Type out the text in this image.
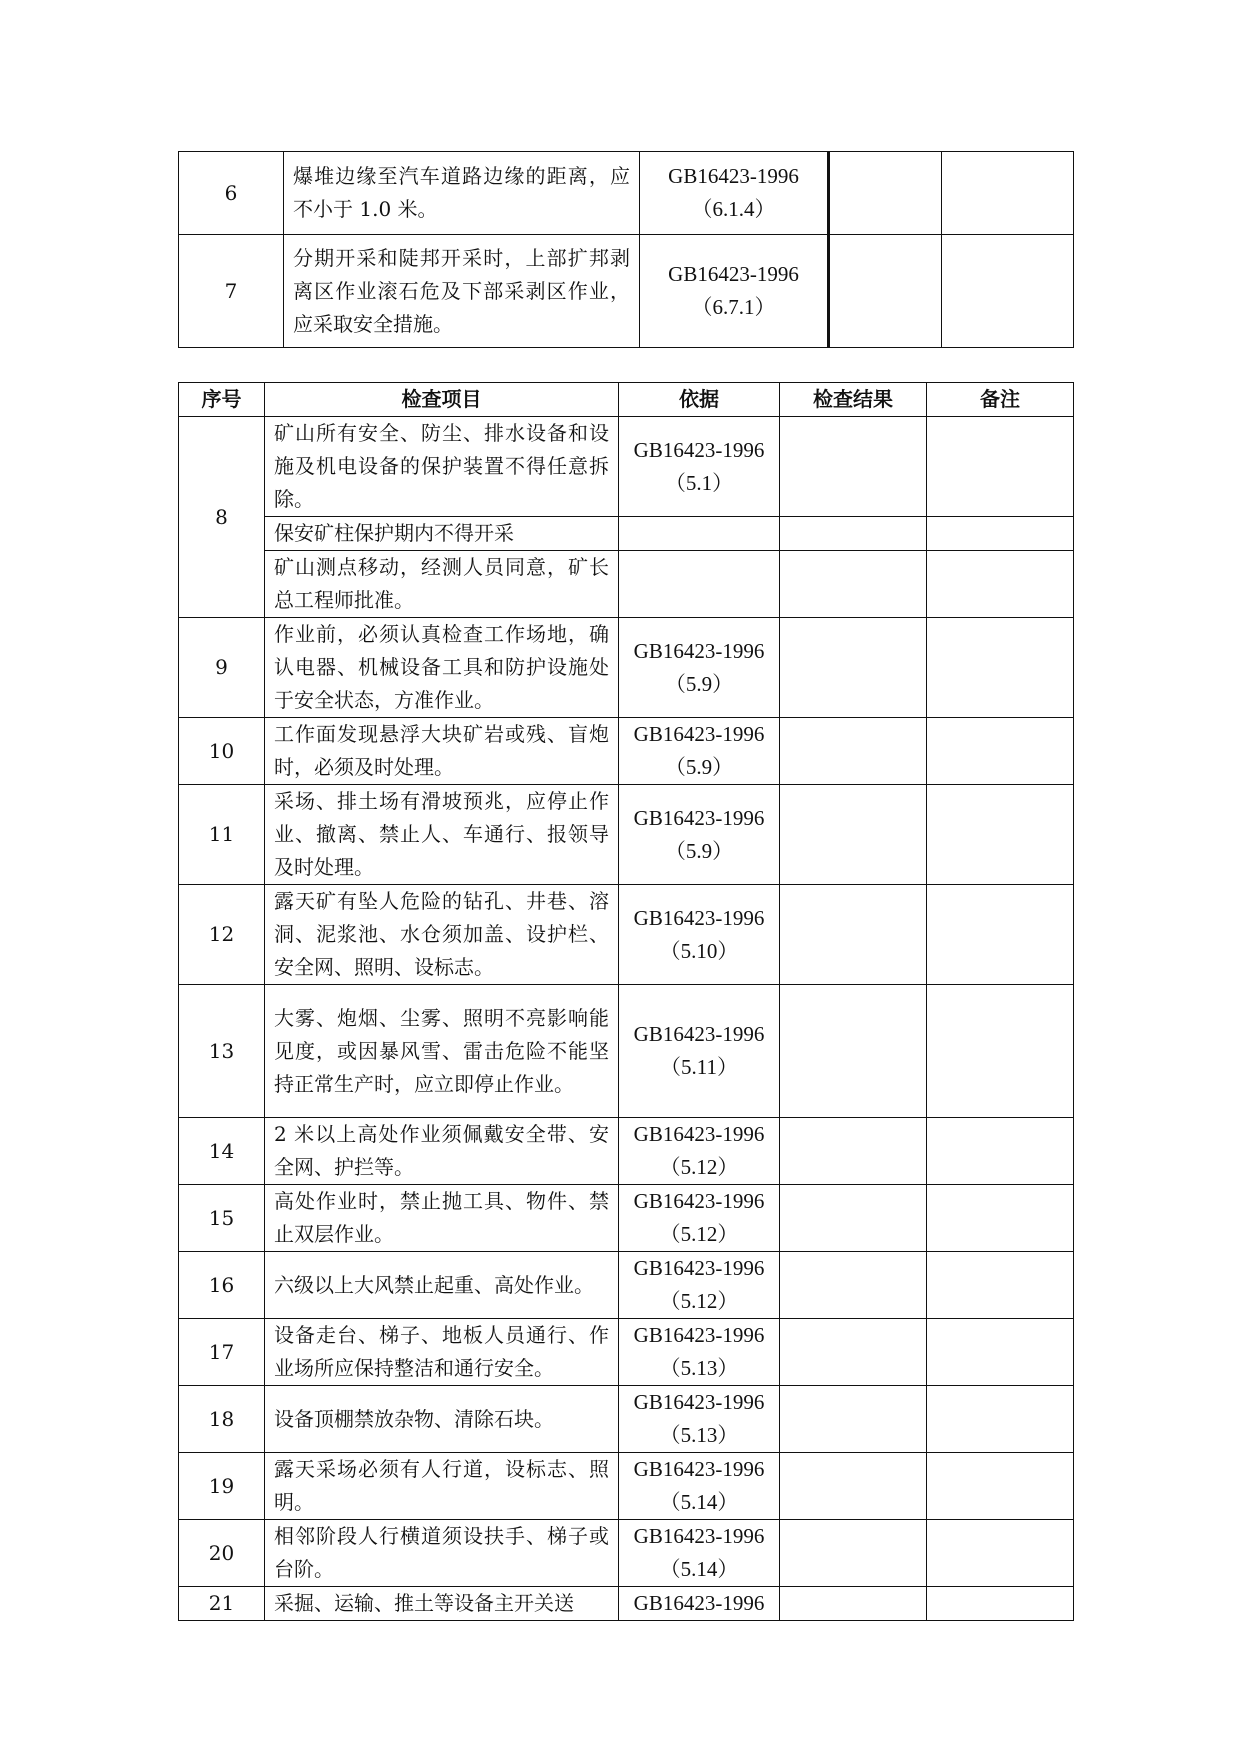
6	爆堆边缘至汽车道路边缘的距离，应不小于 1.0 米。	GB16423-1996
（6.1.4）		

7	分期开采和陡邦开采时，上部扩邦剥离区作业滚石危及下部采剥区作业，应采取安全措施。	GB16423-1996
（6.7.1）		

序号	检查项目	依据	检查结果	备注
8	矿山所有安全、防尘、排水设备和设施及机电设备的保护装置不得任意拆除。	GB16423-1996
（5.1）		

	保安矿柱保护期内不得开采			
	矿山测点移动，经测人员同意，矿长总工程师批准。			
9	作业前，必须认真检查工作场地，确认电器、机械设备工具和防护设施处于安全状态，方准作业。	GB16423-1996
（5.9）		

10	工作面发现悬浮大块矿岩或残、盲炮时，必须及时处理。	GB16423-1996
（5.9）		

11	采场、排土场有滑坡预兆，应停止作业、撤离、禁止人、车通行、报领导及时处理。	GB16423-1996
（5.9）		

12	露天矿有坠人危险的钻孔、井巷、溶洞、泥浆池、水仓须加盖、设护栏、安全网、照明、设标志。	GB16423-1996
（5.10）		

13	大雾、炮烟、尘雾、照明不亮影响能见度，或因暴风雪、雷击危险不能坚持正常生产时，应立即停止作业。	GB16423-1996
（5.11）		

14	2 米以上高处作业须佩戴安全带、安全网、护拦等。	GB16423-1996
（5.12）		

15	高处作业时，禁止抛工具、物件、禁止双层作业。	GB16423-1996
（5.12）		

16	六级以上大风禁止起重、高处作业。	GB16423-1996
（5.12）		

17	设备走台、梯子、地板人员通行、作业场所应保持整洁和通行安全。	GB16423-1996
（5.13）		

18	设备顶棚禁放杂物、清除石块。	GB16423-1996
（5.13）		

19	露天采场必须有人行道，设标志、照明。	GB16423-1996
（5.14）		

20	相邻阶段人行横道须设扶手、梯子或台阶。	GB16423-1996
（5.14）		

21	采掘、运输、推土等设备主开关送	GB16423-1996		
